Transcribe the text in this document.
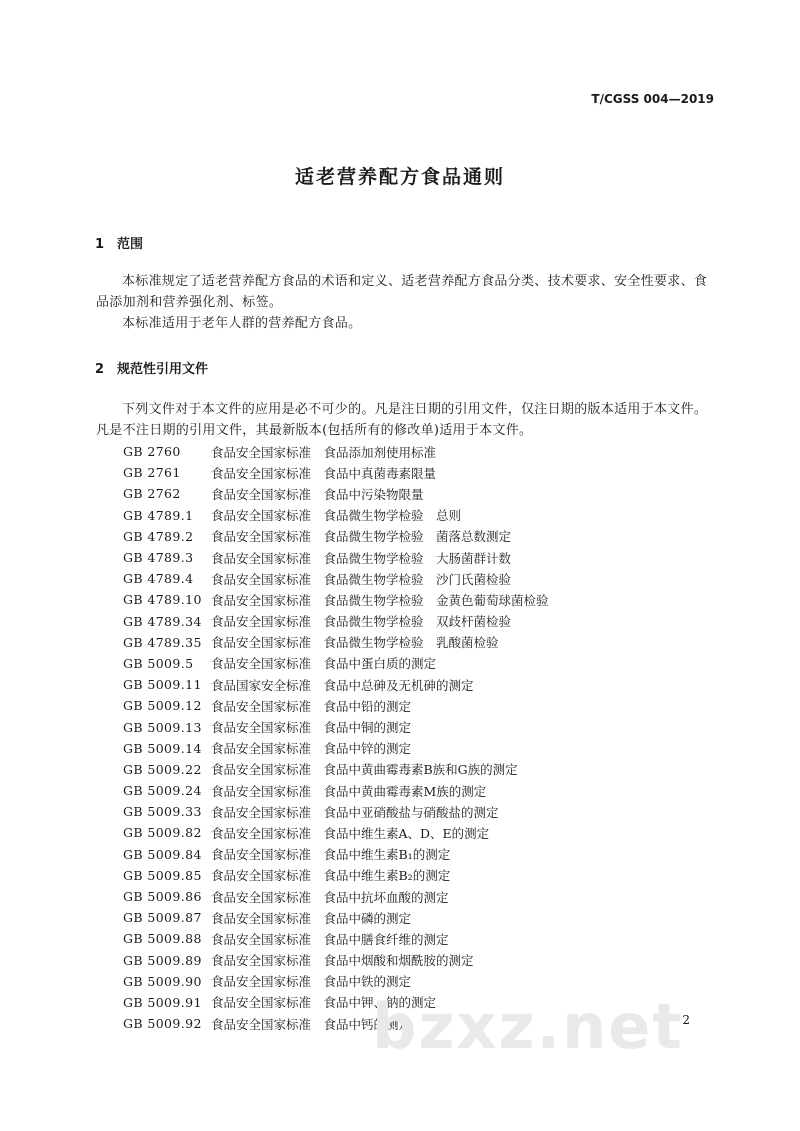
T/CGSS 004—2019
适老营养配方食品通则
1 范围

本标准规定了适老营养配方食品的术语和定义、适老营养配方食品分类、技术要求、安全性要求、食品添加剂和营养强化剂、标签。

本标准适用于老年人群的营养配方食品。

2 规范性引用文件

下列文件对于本文件的应用是必不可少的。凡是注日期的引用文件，仅注日期的版本适用于本文件。凡是不注日期的引用文件，其最新版本(包括所有的修改单)适用于本文件。

GB 2760	食品安全国家标准　食品添加剂使用标准
GB 2761	食品安全国家标准　食品中真菌毒素限量
GB 2762	食品安全国家标准　食品中污染物限量
GB 4789.1	食品安全国家标准　食品微生物学检验　总则
GB 4789.2	食品安全国家标准　食品微生物学检验　菌落总数测定
GB 4789.3	食品安全国家标准　食品微生物学检验　大肠菌群计数
GB 4789.4	食品安全国家标准　食品微生物学检验　沙门氏菌检验
GB 4789.10 食品安全国家标准　食品微生物学检验　金黄色葡萄球菌检验
GB 4789.34 食品安全国家标准　食品微生物学检验　双歧杆菌检验
GB 4789.35 食品安全国家标准　食品微生物学检验　乳酸菌检验
GB 5009.5	食品安全国家标准　食品中蛋白质的测定
GB 5009.11 食品国家安全标准　食品中总砷及无机砷的测定
GB 5009.12 食品安全国家标准　食品中铅的测定
GB 5009.13 食品安全国家标准　食品中铜的测定
GB 5009.14 食品安全国家标准　食品中锌的测定
GB 5009.22 食品安全国家标准　食品中黄曲霉毒素B族和G族的测定
GB 5009.24 食品安全国家标准　食品中黄曲霉毒素M族的测定
GB 5009.33 食品安全国家标准　食品中亚硝酸盐与硝酸盐的测定
GB 5009.82 食品安全国家标准　食品中维生素A、D、E的测定
GB 5009.84 食品安全国家标准　食品中维生素B₁的测定
GB 5009.85 食品安全国家标准　食品中维生素B₂的测定
GB 5009.86 食品安全国家标准　食品中抗坏血酸的测定
GB 5009.87 食品安全国家标准　食品中磷的测定
GB 5009.88 食品安全国家标准　食品中膳食纤维的测定
GB 5009.89 食品安全国家标准　食品中烟酸和烟酰胺的测定
GB 5009.90 食品安全国家标准　食品中铁的测定
GB 5009.91 食品安全国家标准　食品中钾、钠的测定
GB 5009.92 食品安全国家标准　食品中钙的测定
bzxz.net
2
